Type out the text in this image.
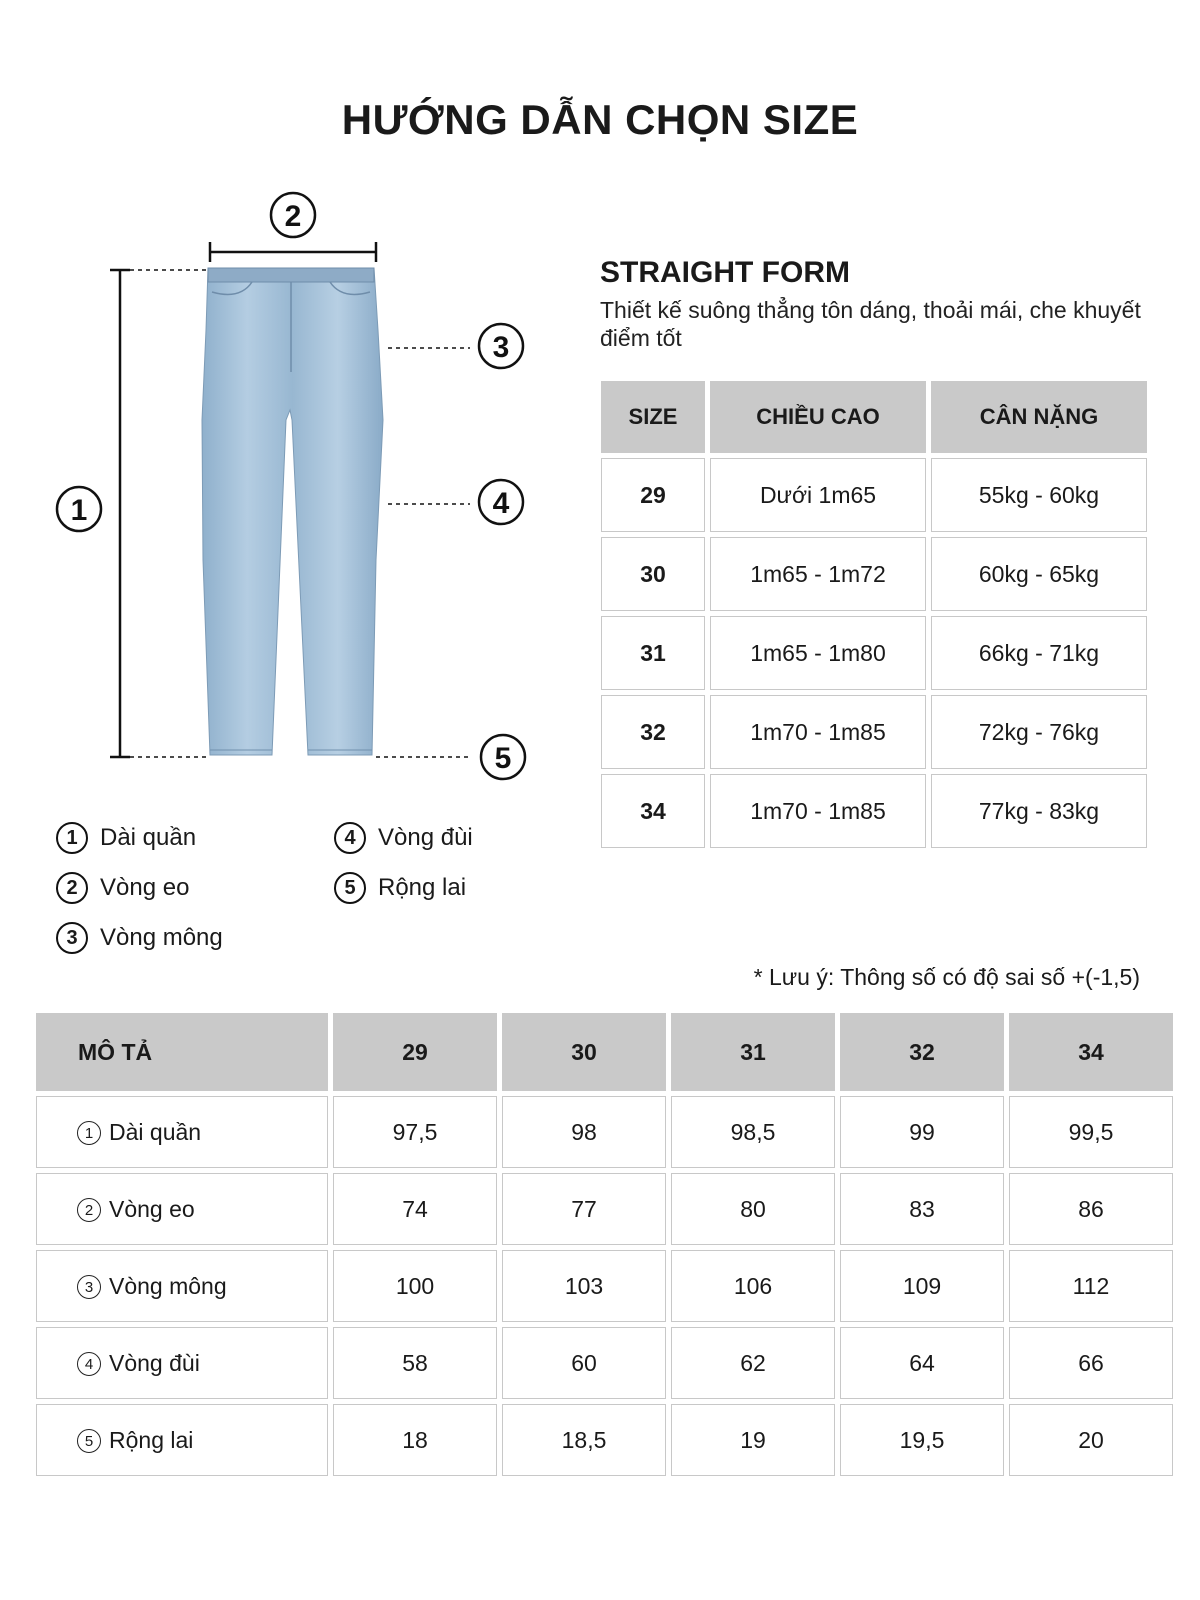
HƯỚNG DẪN CHỌN SIZE
2
1
3
4
5
1 Dài quần
2 Vòng eo
3 Vòng mông
4 Vòng đùi
5 Rộng lai
STRAIGHT FORM

Thiết kế suông thẳng tôn dáng, thoải mái, che khuyết điểm tốt

SIZE	CHIỀU CAO	CÂN NẶNG
29	Dưới 1m65	55kg - 60kg
30	1m65 - 1m72	60kg - 65kg
31	1m65 - 1m80	66kg - 71kg
32	1m70 - 1m85	72kg - 76kg
34	1m70 - 1m85	77kg - 83kg

* Lưu ý: Thông số có độ sai số +(-1,5)

MÔ TẢ	29	30	31	32	34
1 Dài quần	97,5	98	98,5	99	99,5
2 Vòng eo	74	77	80	83	86
3 Vòng mông	100	103	106	109	112
4 Vòng đùi	58	60	62	64	66
5 Rộng lai	18	18,5	19	19,5	20
